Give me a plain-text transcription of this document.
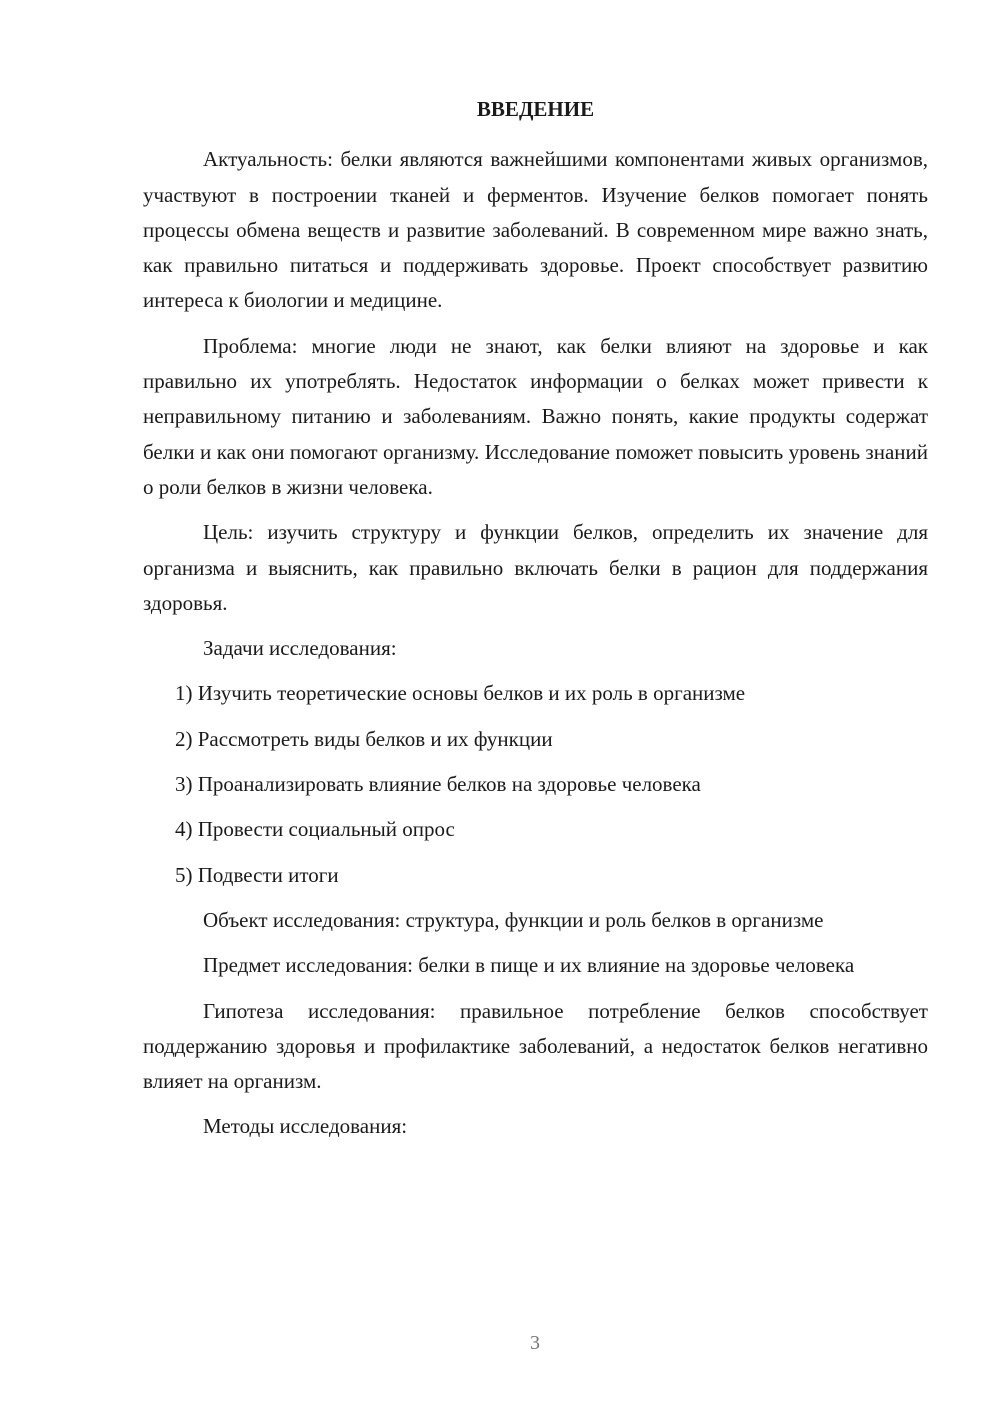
ВВЕДЕНИЕ

Актуальность: белки являются важнейшими компонентами живых организмов, участвуют в построении тканей и ферментов. Изучение белков помогает понять процессы обмена веществ и развитие заболеваний. В современном мире важно знать, как правильно питаться и поддерживать здоровье. Проект способствует развитию интереса к биологии и медицине.

Проблема: многие люди не знают, как белки влияют на здоровье и как правильно их употреблять. Недостаток информации о белках может привести к неправильному питанию и заболеваниям. Важно понять, какие продукты содержат белки и как они помогают организму. Исследование поможет повысить уровень знаний о роли белков в жизни человека.

Цель: изучить структуру и функции белков, определить их значение для организма и выяснить, как правильно включать белки в рацион для поддержания здоровья.

Задачи исследования:

1) Изучить теоретические основы белков и их роль в организме
2) Рассмотреть виды белков и их функции
3) Проанализировать влияние белков на здоровье человека
4) Провести социальный опрос
5) Подвести итоги

Объект исследования: структура, функции и роль белков в организме

Предмет исследования: белки в пище и их влияние на здоровье человека

Гипотеза исследования: правильное потребление белков способствует поддержанию здоровья и профилактике заболеваний, а недостаток белков негативно влияет на организм.

Методы исследования:

3
